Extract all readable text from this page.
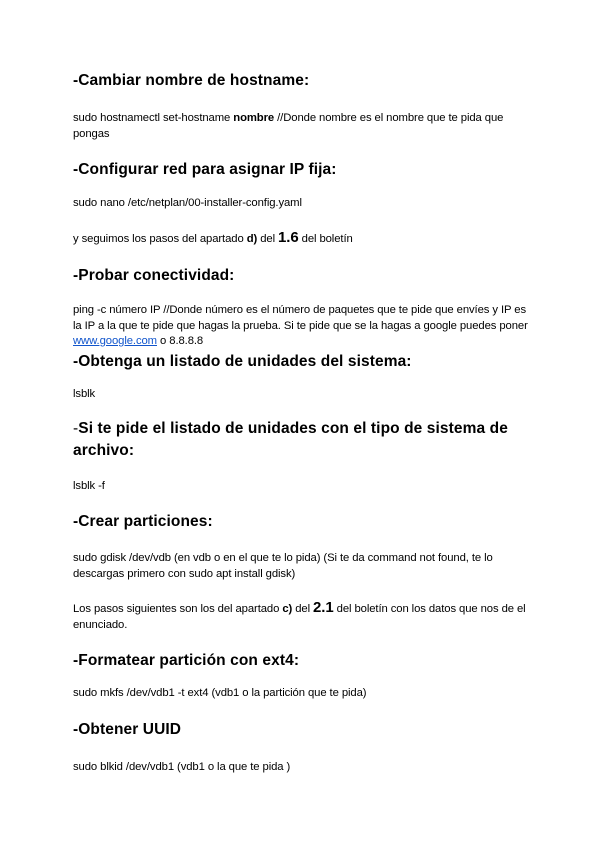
-Cambiar nombre de hostname:

sudo hostnamectl set-hostname nombre //Donde nombre es el nombre que te pida que pongas

-Configurar red para asignar IP fija:

sudo nano /etc/netplan/00-installer-config.yaml

y seguimos los pasos del apartado d) del 1.6 del boletín

-Probar conectividad:

ping -c número IP //Donde número es el número de paquetes que te pide que envíes y IP es la IP a la que te pide que hagas la prueba. Si te pide que se la hagas a google puedes poner www.google.com o 8.8.8.8

-Obtenga un listado de unidades del sistema:

lsblk

-Si te pide el listado de unidades con el tipo de sistema de archivo:

lsblk -f

-Crear particiones:

sudo gdisk /dev/vdb (en vdb o en el que te lo pida) (Si te da command not found, te lo descargas primero con sudo apt install gdisk)

Los pasos siguientes son los del apartado c) del 2.1 del boletín con los datos que nos de el enunciado.

-Formatear partición con ext4:

sudo mkfs /dev/vdb1 -t ext4 (vdb1 o la partición que te pida)

-Obtener UUID

sudo blkid /dev/vdb1 (vdb1 o la que te pida )
